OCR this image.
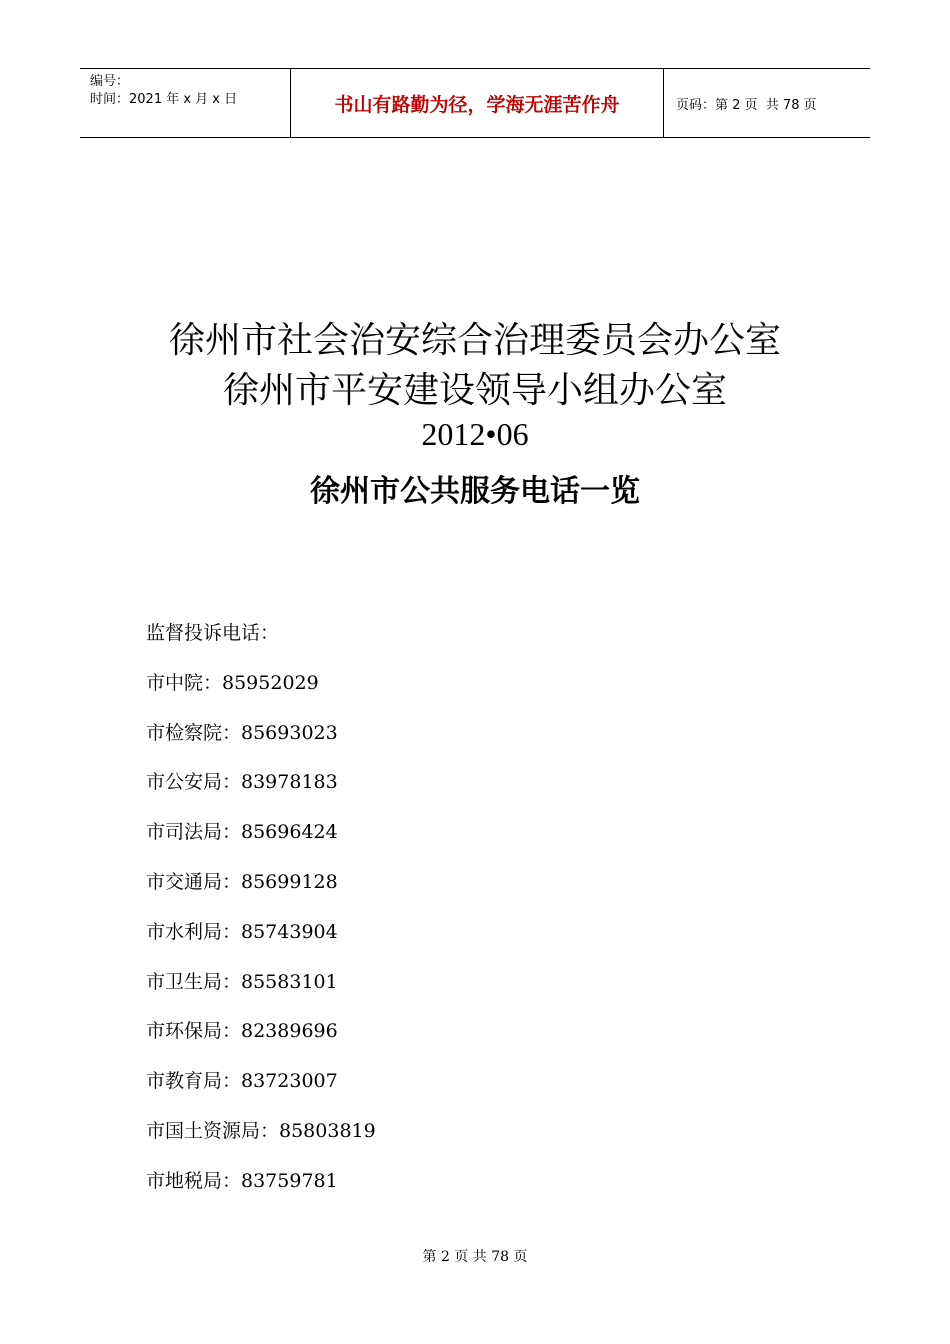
编号：
时间：2021 年 x 月 x 日	书山有路勤为径，学海无涯苦作舟	页码：第 2 页  共 78 页
徐州市社会治安综合治理委员会办公室
徐州市平安建设领导小组办公室
2012•06
徐州市公共服务电话一览
监督投诉电话：
市中院：85952029
市检察院：85693023
市公安局：83978183
市司法局：85696424
市交通局：85699128
市水利局：85743904
市卫生局：85583101
市环保局：82389696
市教育局：83723007
市国土资源局：85803819
市地税局：83759781
第 2 页 共 78 页
